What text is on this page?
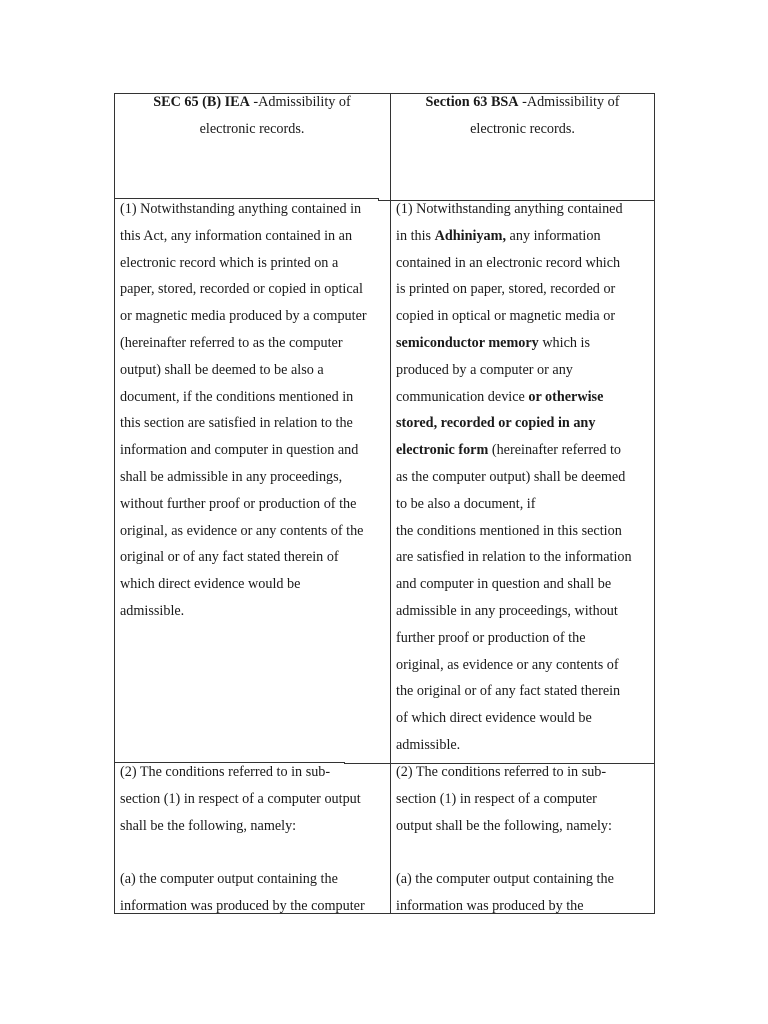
SEC 65 (B) IEA -Admissibility of

electronic records.

Section 63 BSA -Admissibility of

electronic records.

(1) Notwithstanding anything contained in

this Act, any information contained in an

electronic record which is printed on a

paper, stored, recorded or copied in optical

or magnetic media produced by a computer

(hereinafter referred to as the computer

output) shall be deemed to be also a

document, if the conditions mentioned in

this section are satisfied in relation to the

information and computer in question and

shall be admissible in any proceedings,

without further proof or production of the

original, as evidence or any contents of the

original or of any fact stated therein of

which direct evidence would be

admissible.

(1) Notwithstanding anything contained

in this Adhiniyam, any information

contained in an electronic record which

is printed on paper, stored, recorded or

copied in optical or magnetic media or

semiconductor memory which is

produced by a computer or any

communication device or otherwise

stored, recorded or copied in any

electronic form (hereinafter referred to

as the computer output) shall be deemed

to be also a document, if

the conditions mentioned in this section

are satisfied in relation to the information

and computer in question and shall be

admissible in any proceedings, without

further proof or production of the

original, as evidence or any contents of

the original or of any fact stated therein

of which direct evidence would be

admissible.

(2) The conditions referred to in sub-

section (1) in respect of a computer output

shall be the following, namely:

(a) the computer output containing the

information was produced by the computer

(2) The conditions referred to in sub-

section (1) in respect of a computer

output shall be the following, namely:

(a) the computer output containing the

information was produced by the
